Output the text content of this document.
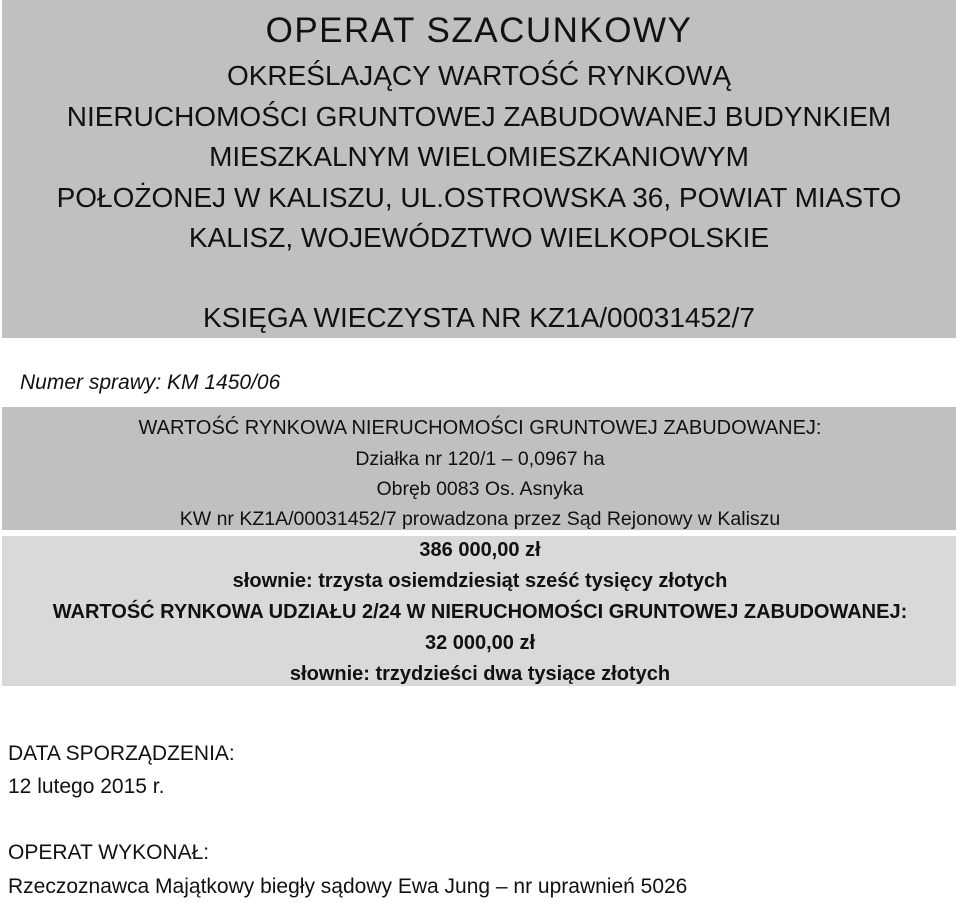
OPERAT SZACUNKOWY
OKREŚLAJĄCY WARTOŚĆ RYNKOWĄ
NIERUCHOMOŚCI GRUNTOWEJ ZABUDOWANEJ BUDYNKIEM
MIESZKALNYM WIELOMIESZKANIOWYM
POŁOŻONEJ W KALISZU, UL.OSTROWSKA 36, POWIAT MIASTO
KALISZ, WOJEWÓDZTWO WIELKOPOLSKIE
KSIĘGA WIECZYSTA NR KZ1A/00031452/7
Numer sprawy: KM 1450/06
WARTOŚĆ RYNKOWA NIERUCHOMOŚCI GRUNTOWEJ ZABUDOWANEJ:
Działka nr 120/1 – 0,0967 ha
Obręb 0083 Os. Asnyka
KW nr KZ1A/00031452/7 prowadzona przez Sąd Rejonowy w Kaliszu
386 000,00 zł
słownie: trzysta osiemdziesiąt sześć tysięcy złotych
WARTOŚĆ RYNKOWA UDZIAŁU 2/24 W NIERUCHOMOŚCI GRUNTOWEJ ZABUDOWANEJ:
32 000,00 zł
słownie: trzydzieści dwa tysiące złotych
DATA SPORZĄDZENIA:
12 lutego 2015 r.
OPERAT WYKONAŁ:
Rzeczoznawca Majątkowy biegły sądowy Ewa Jung – nr uprawnień 5026
